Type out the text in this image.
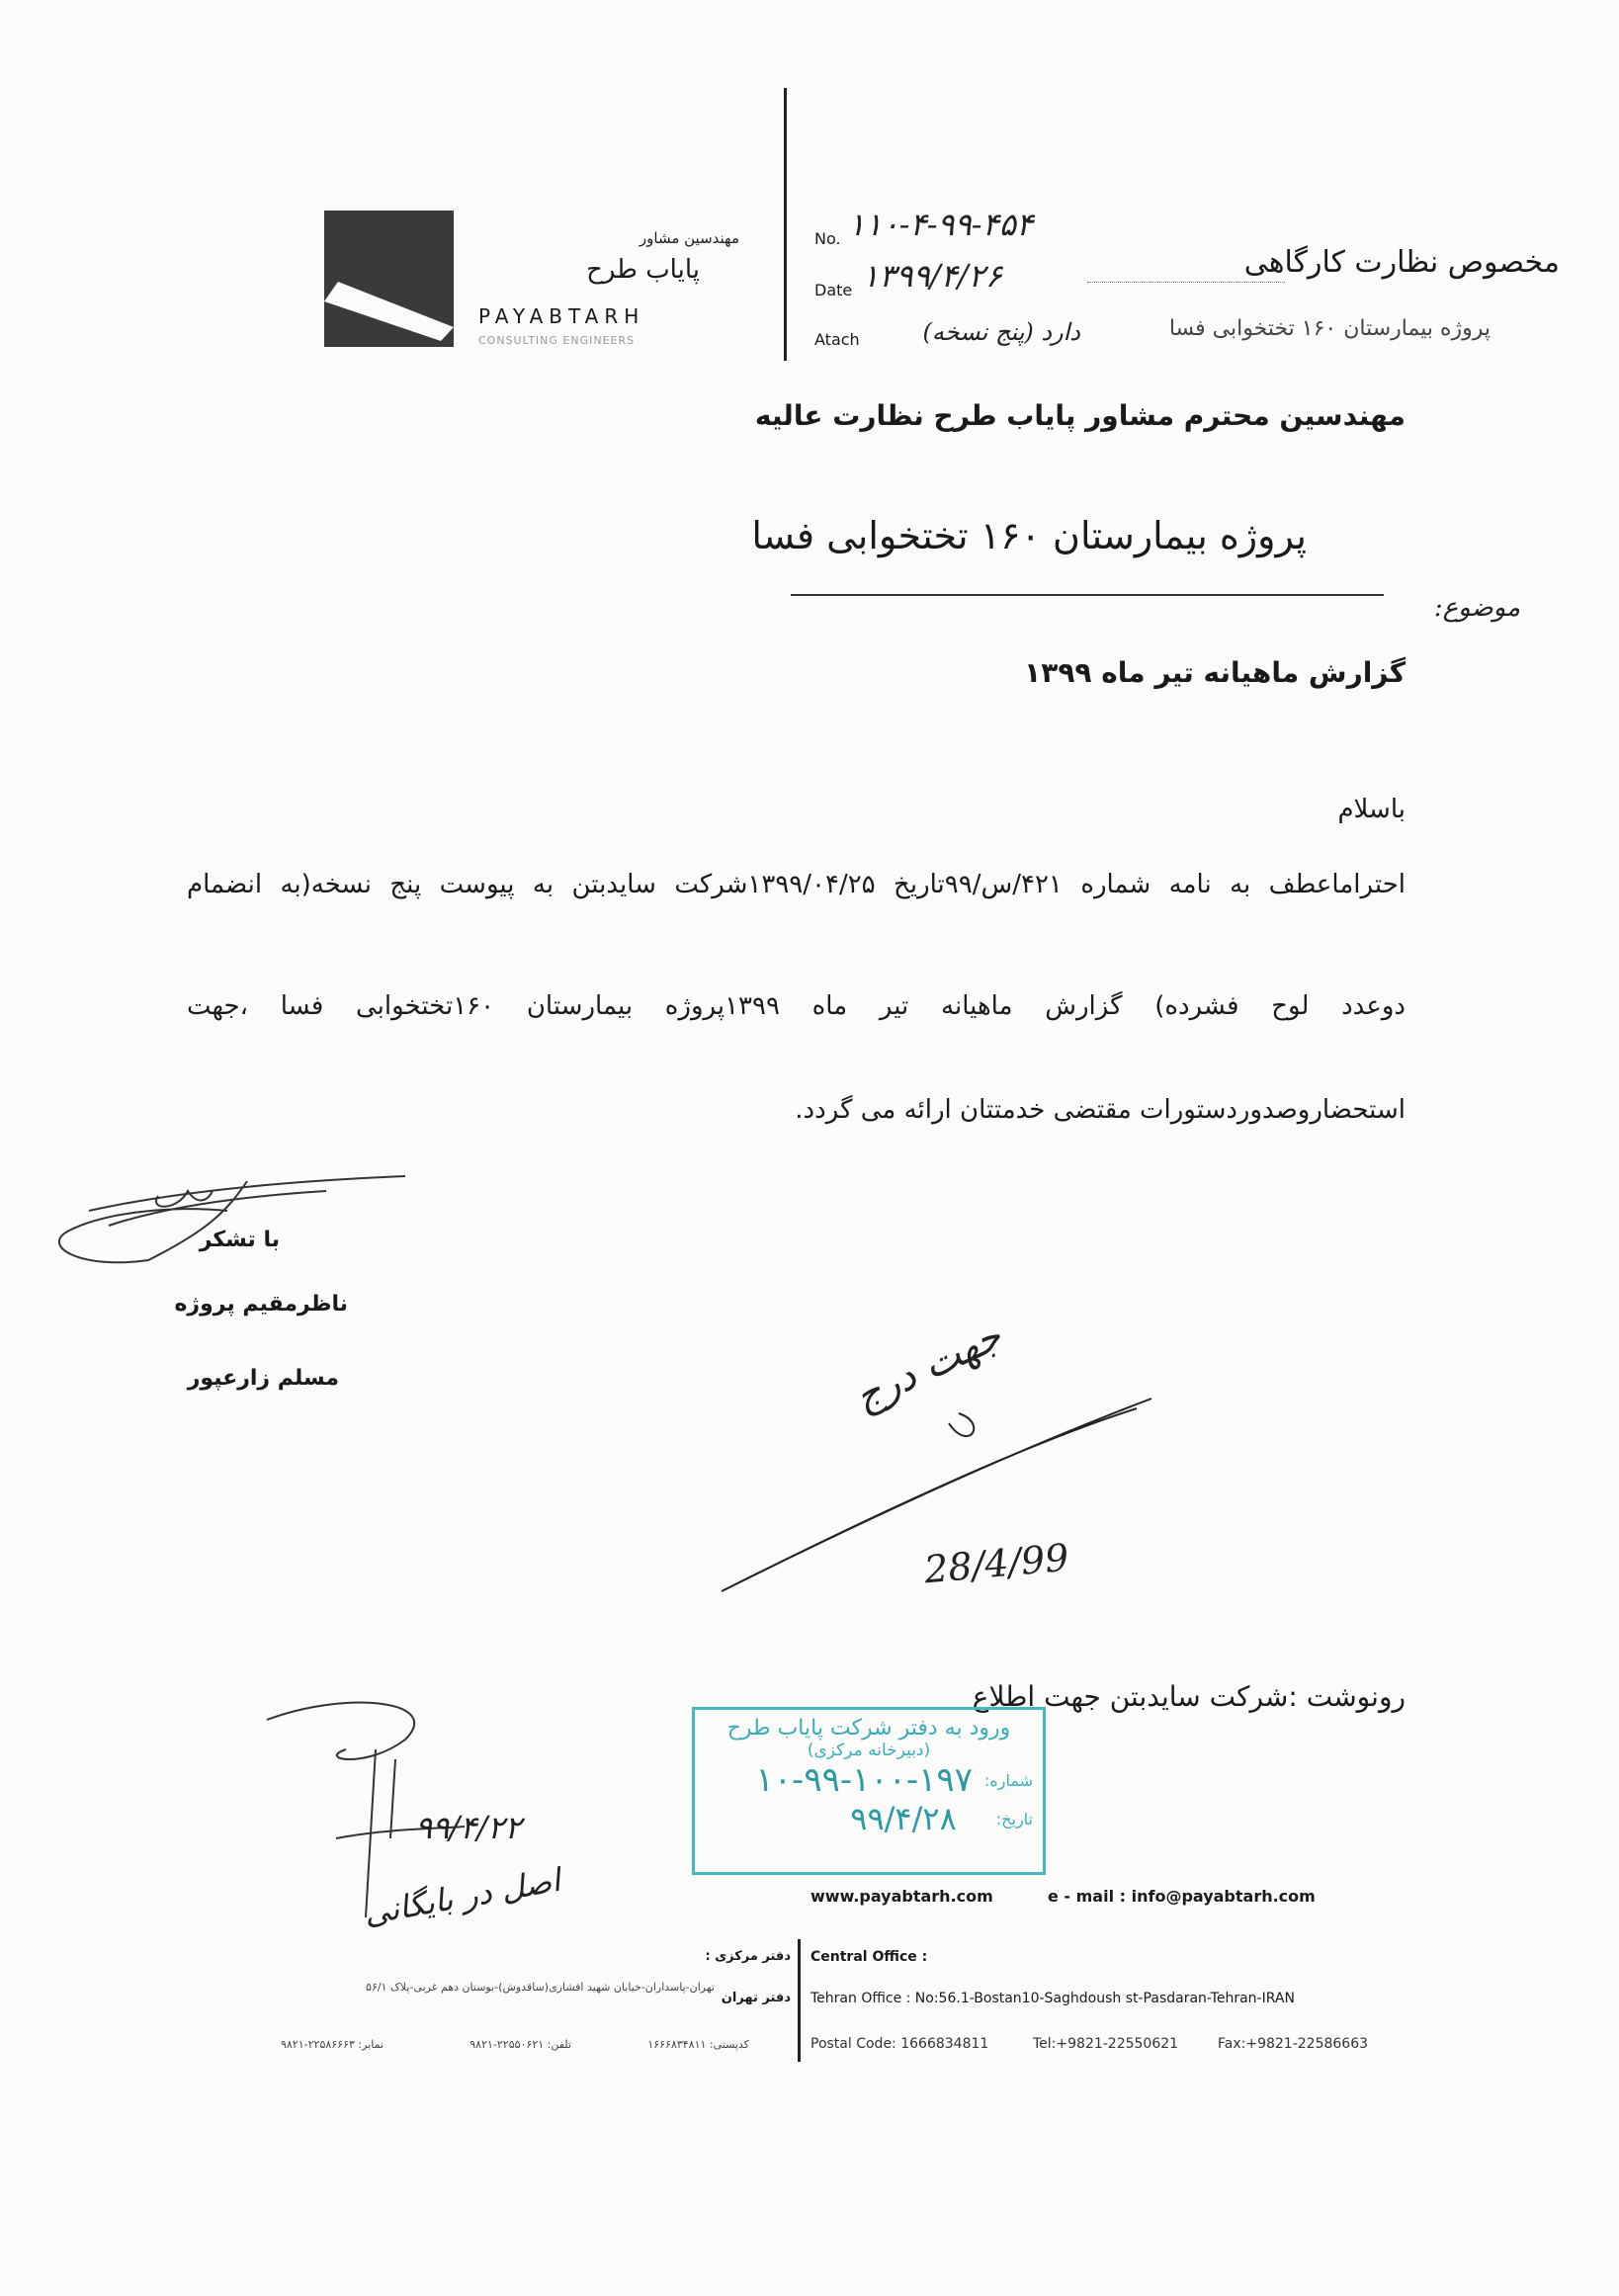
مهندسین مشاور
پایاب طرح
PAYABTARH
CONSULTING ENGINEERS
No. ۱۱۰-۴-۹۹-۴۵۴
Date ۱۳۹۹/۴/۲۶
Atach	دارد (پنج نسخه)
مخصوص نظارت کارگاهی
پروژه بیمارستان ۱۶۰ تختخوابی فسا
مهندسین محترم مشاور پایاب طرح نظارت عالیه
پروژه بیمارستان ۱۶۰ تختخوابی فسا
موضوع:
گزارش ماهیانه تیر ماه ۱۳۹۹
باسلام
احتراماعطف به نامه شماره ۴۲۱/س/۹۹تاریخ ۱۳۹۹/۰۴/۲۵شرکت سایدبتن به پیوست پنج نسخه(به انضمام
دوعدد لوح فشرده) گزارش ماهیانه تیر ماه ۱۳۹۹پروژه بیمارستان ۱۶۰تختخوابی فسا ،جهت
استحضاروصدوردستورات مقتضی خدمتتان ارائه می گردد.
با تشکر
ناظرمقیم پروژه
مسلم زارعپور	جهت درج
28/4/99
رونوشت :شرکت سایدبتن جهت اطلاع
ورود به دفتر شرکت پایاب طرح
(دبیرخانه مرکزی)
شماره:
۱۰-۹۹-۱۰۰-۱۹۷
تاریخ:
۹۹/۴/۲۸
۹۹/۴/۲۲
اصل در بایگانی	www.payabtarh.com	e - mail : info@payabtarh.com
دفتر مرکزی : Central Office :
دفتر تهران
تهران-پاسداران-خیابان شهید افشاری(ساقدوش)-بوستان دهم غربی-پلاک ۵۶/۱
Tehran Office : No:56.1-Bostan10-Saghdoush st-Pasdaran-Tehran-IRAN
کدپستی: ۱۶۶۶۸۳۴۸۱۱
تلفن: ۲۲۵۵۰۶۲۱-۹۸۲۱
نمابر: ۲۲۵۸۶۶۶۳-۹۸۲۱	Postal Code: 1666834811	Tel:+9821-22550621	Fax:+9821-22586663
